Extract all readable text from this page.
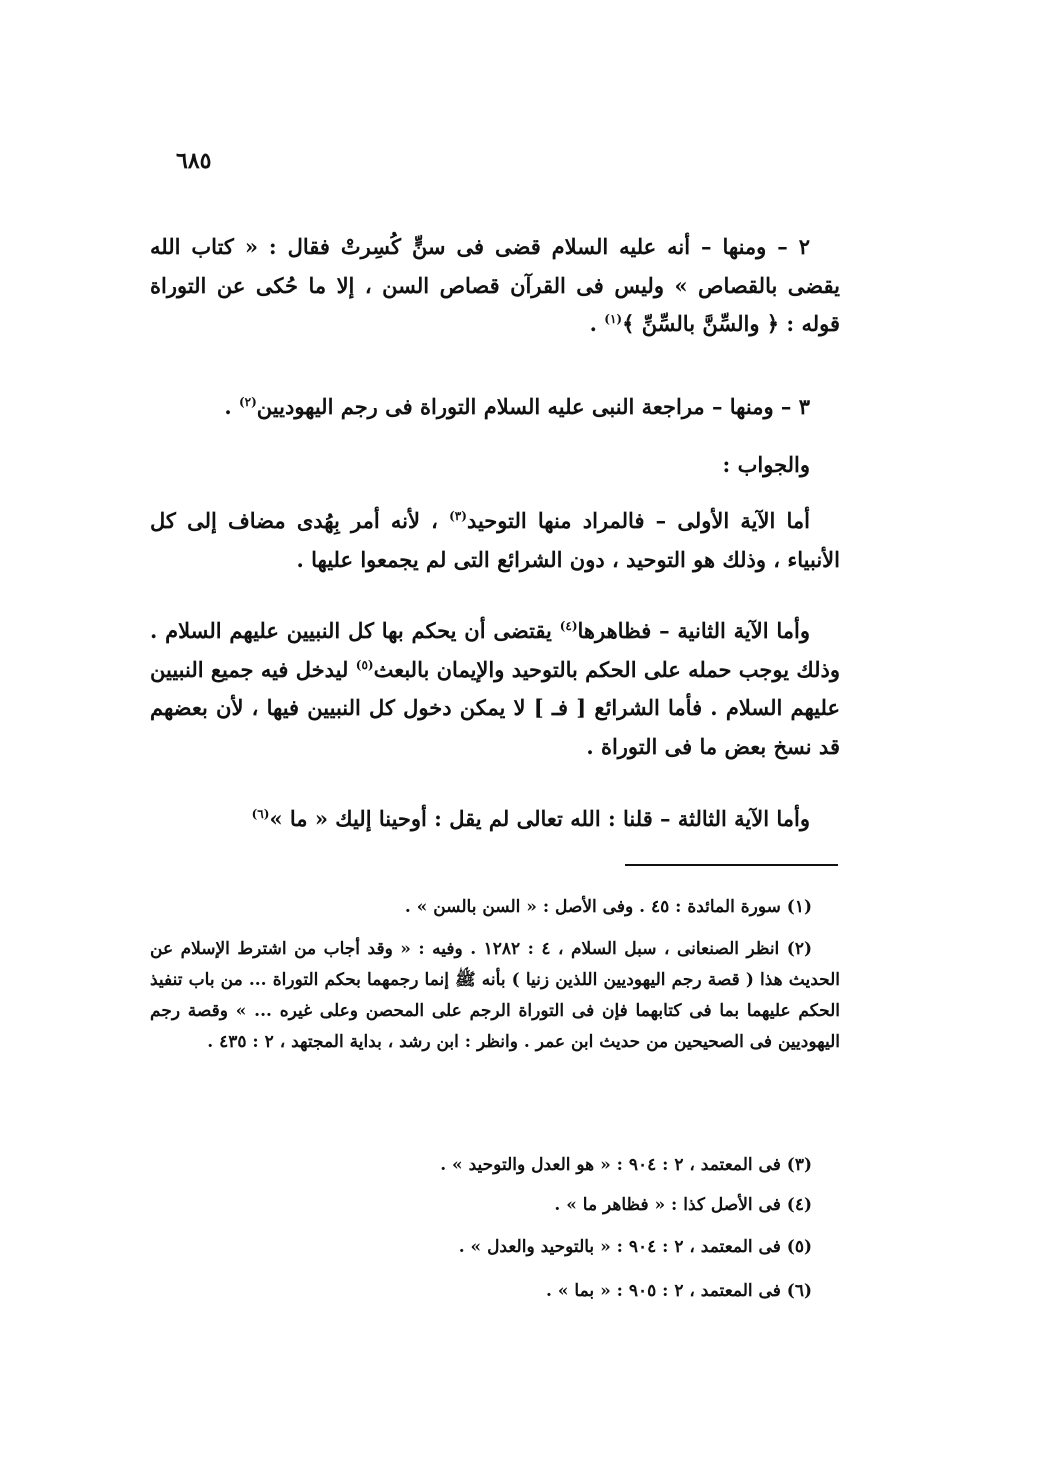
٦٨٥
٢ – ومنها – أنه عليه السلام قضى فى سنٍّ كُسِرتْ فقال : « كتاب الله يقضى بالقصاص » وليس فى القرآن قصاص السن ، إلا ما حُكى عن التوراة قوله : ﴿ والسِّنَّ بالسِّنِّ ﴾$^{(١)}$ .
٣ – ومنها – مراجعة النبى عليه السلام التوراة فى رجم اليهوديين$^{(٢)}$ .
والجواب :
أما الآية الأولى – فالمراد منها التوحيد$^{(٣)}$ ، لأنه أمر بِهُدى مضاف إلى كل الأنبياء ، وذلك هو التوحيد ، دون الشرائع التى لم يجمعوا عليها .
وأما الآية الثانية – فظاهرها$^{(٤)}$ يقتضى أن يحكم بها كل النبيين عليهم السلام . وذلك يوجب حمله على الحكم بالتوحيد والإيمان بالبعث$^{(٥)}$ ليدخل فيه جميع النبيين عليهم السلام . فأما الشرائع [ فـ ] لا يمكن دخول كل النبيين فيها ، لأن بعضهم قد نسخ بعض ما فى التوراة .
وأما الآية الثالثة – قلنا : الله تعالى لم يقل : أوحينا إليك « ما »$^{(٦)}$
(١) سورة المائدة : ٤٥ . وفى الأصل : « السن بالسن » .
(٢) انظر الصنعانى ، سبل السلام ، ٤ : ١٢٨٢ . وفيه : « وقد أجاب من اشترط الإسلام عن الحديث هذا ( قصة رجم اليهوديين اللذين زنيا ) بأنه ﷺ إنما رجمهما بحكم التوراة ... من باب تنفيذ الحكم عليهما بما فى كتابهما فإن فى التوراة الرجم على المحصن وعلى غيره ... » وقصة رجم اليهوديين فى الصحيحين من حديث ابن عمر . وانظر : ابن رشد ، بداية المجتهد ، ٢ : ٤٣٥ .
(٣) فى المعتمد ، ٢ : ٩٠٤ : « هو العدل والتوحيد » .
(٤) فى الأصل كذا : « فظاهر ما » .
(٥) فى المعتمد ، ٢ : ٩٠٤ : « بالتوحيد والعدل » .
(٦) فى المعتمد ، ٢ : ٩٠٥ : « بما » .
